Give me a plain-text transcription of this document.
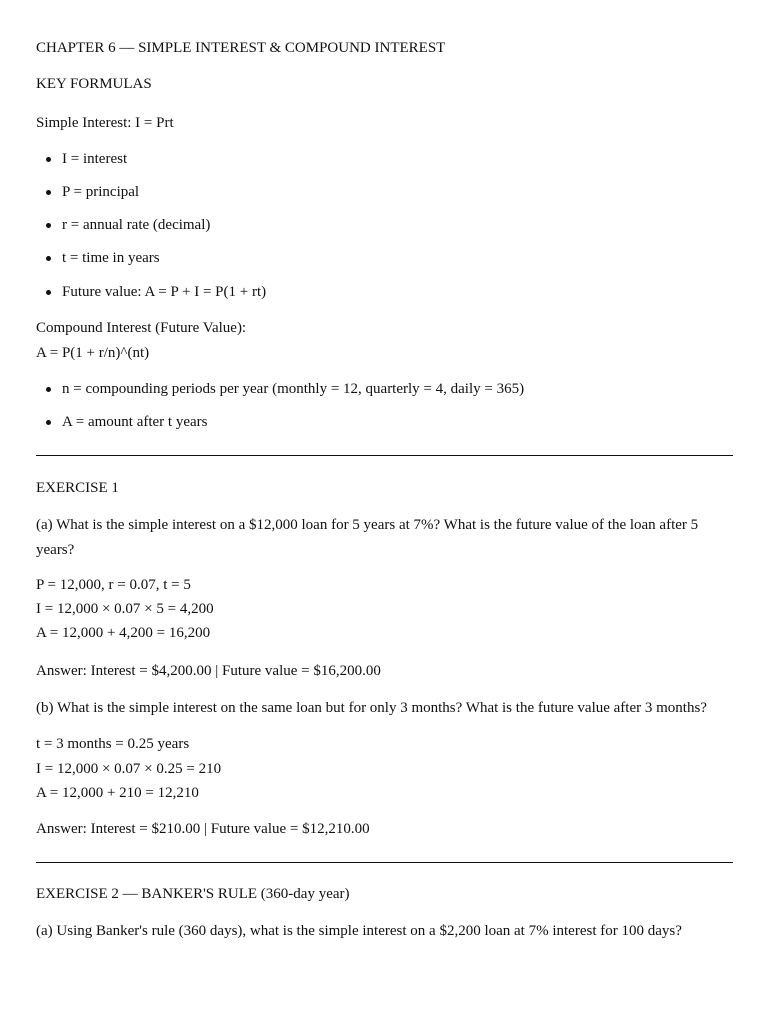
CHAPTER 6 — SIMPLE INTEREST & COMPOUND INTEREST
KEY FORMULAS
Simple Interest: I = Prt
I = interest
P = principal
r = annual rate (decimal)
t = time in years
Future value: A = P + I = P(1 + rt)
Compound Interest (Future Value):
A = P(1 + r/n)^(nt)
n = compounding periods per year (monthly = 12, quarterly = 4, daily = 365)
A = amount after t years
EXERCISE 1
(a) What is the simple interest on a $12,000 loan for 5 years at 7%? What is the future value of the loan after 5
years?
P = 12,000, r = 0.07, t = 5
I = 12,000 × 0.07 × 5 = 4,200
A = 12,000 + 4,200 = 16,200
Answer: Interest = $4,200.00 | Future value = $16,200.00
(b) What is the simple interest on the same loan but for only 3 months? What is the future value after 3 months?
t = 3 months = 0.25 years
I = 12,000 × 0.07 × 0.25 = 210
A = 12,000 + 210 = 12,210
Answer: Interest = $210.00 | Future value = $12,210.00
EXERCISE 2 — BANKER'S RULE (360-day year)
(a) Using Banker's rule (360 days), what is the simple interest on a $2,200 loan at 7% interest for 100 days?
